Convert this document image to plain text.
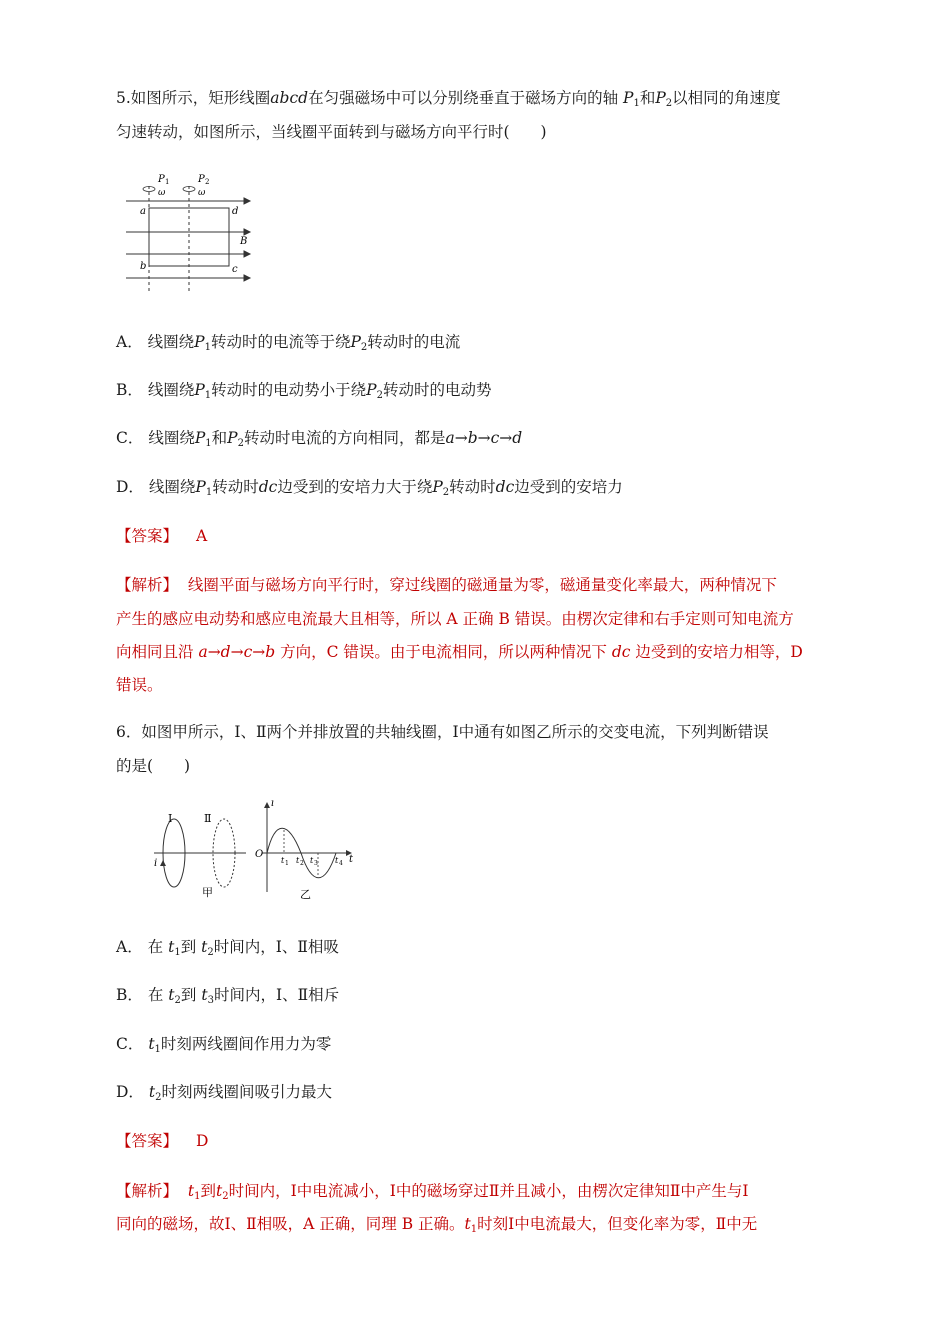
5.如图所示，矩形线圈abcd在匀强磁场中可以分别绕垂直于磁场方向的轴 $P_1$和$P_2$以相同的角速度
匀速转动，如图所示，当线圈平面转到与磁场方向平行时(　　)
P 1	P 2
ω	ω
a	d
b	c
B
A． 线圈绕$P_1$转动时的电流等于绕$P_2$转动时的电流
B． 线圈绕$P_1$转动时的电动势小于绕$P_2$转动时的电动势
C． 线圈绕$P_1$和$P_2$转动时电流的方向相同，都是a→b→c→d
D． 线圈绕$P_1$转动时dc边受到的安培力大于绕$P_2$转动时dc边受到的安培力
【答案】 A
【解析】 线圈平面与磁场方向平行时，穿过线圈的磁通量为零，磁通量变化率最大，两种情况下
产生的感应电动势和感应电流最大且相等，所以 A 正确 B 错误。由楞次定律和右手定则可知电流方
向相同且沿 a→d→c→b 方向，C 错误。由于电流相同，所以两种情况下 dc 边受到的安培力相等，D
错误。
6．如图甲所示，Ⅰ、Ⅱ两个并排放置的共轴线圈，Ⅰ中通有如图乙所示的交变电流，下列判断错误
的是(　　)
Ⅰ	Ⅱ
i
甲
i
O	t
t 1 t 2 t 3 t 4
乙
A． 在 $t_1$到 $t_2$时间内，Ⅰ、Ⅱ相吸
B． 在 $t_2$到 $t_3$时间内，Ⅰ、Ⅱ相斥
C． $t_1$时刻两线圈间作用力为零
D． $t_2$时刻两线圈间吸引力最大
【答案】 D
【解析】 $t_1$到$t_2$时间内，Ⅰ中电流减小，Ⅰ中的磁场穿过Ⅱ并且减小，由楞次定律知Ⅱ中产生与Ⅰ
同向的磁场，故Ⅰ、Ⅱ相吸，A 正确，同理 B 正确。$t_1$时刻Ⅰ中电流最大，但变化率为零，Ⅱ中无
